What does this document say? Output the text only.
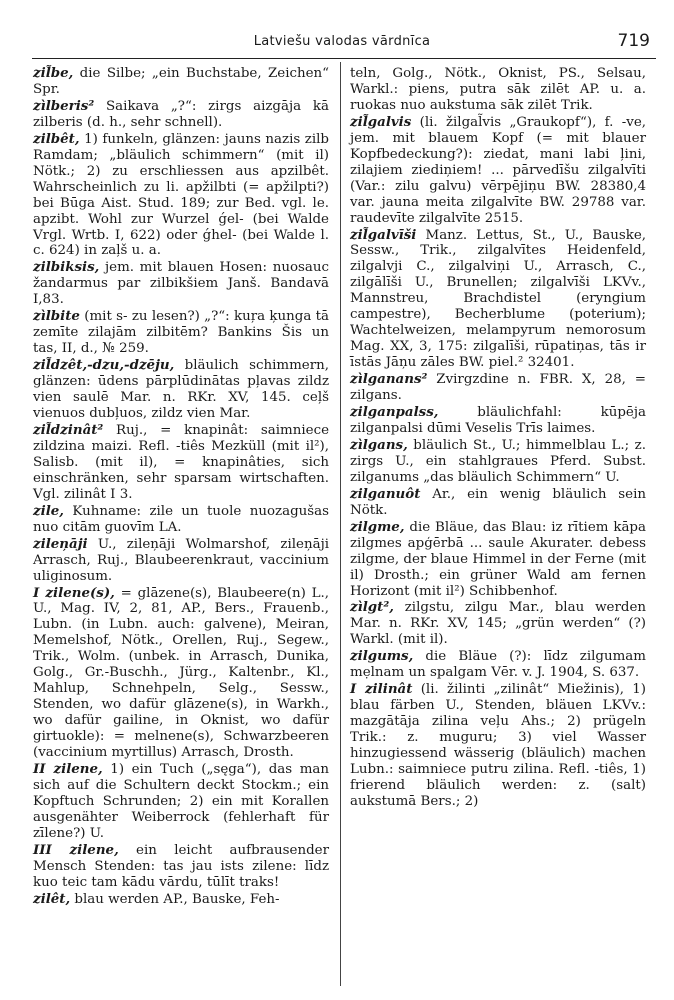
Latviešu valodas vārdnīca	719

zil̃be, die Silbe; „ein Buchstabe, Zeichen“ Spr.

zìlberis² Saikava „?“: zirgs aizgāja kā zilberis (d. h., sehr schnell).

zilbêt, 1) funkeln, glänzen: jauns nazis zilb Ramdam; „bläulich schimmern“ (mit il) Nötk.; 2) zu erschliessen aus apzilbêt. Wahrscheinlich zu li. apžilbti (= apžilpti?) bei Būga Aist. Stud. 189; zur Bed. vgl. le. apzibt. Wohl zur Wurzel ǵel- (bei Walde Vrgl. Wrtb. I, 622) oder ǵhel- (bei Walde l. c. 624) in zaļš u. a.

zilbiksis, jem. mit blauen Hosen: nuosauc žandarmus par zilbikšiem Janš. Bandavā I,83.

zìlbite (mit s- zu lesen?) „?“: kuŗa ķunga tā zemīte zilajām zilbitēm? Bankins Šis un tas, II, d., № 259.

zil̃dzêt,-dzu,-dzēju, bläulich schimmern, glänzen: ūdens pārplūdinātas pļavas zildz vien saulē Mar. n. RKr. XV, 145. ceļš vienuos dubļuos, zildz vien Mar.

zil̃dzinât² Ruj., = knapinât: saimniece zildzina maizi. Refl. -tiês Mezküll (mit il²), Salisb. (mit il), = knapinâties, sich einschränken, sehr sparsam wirtschaften. Vgl. zilinât I 3.

zile, Kuhname: zile un tuole nuozagušas nuo citām guovīm LA.

zileņāji U., zileņāji Wolmarshof, zileņāji Arrasch, Ruj., Blaubeerenkraut, vaccinium uliginosum.

I zilene(s), = glāzene(s), Blaubeere(n) L., U., Mag. IV, 2, 81, AP., Bers., Frauenb., Lubn. (in Lubn. auch: galvene), Meiran, Memelshof, Nötk., Orellen, Ruj., Segew., Trik., Wolm. (unbek. in Arrasch, Dunika, Golg., Gr.-Buschh., Jürg., Kaltenbr., Kl., Mahlup, Schnehpeln, Selg., Sessw., Stenden, wo dafür glāzene(s), in Warkh., wo dafür gailine, in Oknist, wo dafür girtuokle): = melnene(s), Schwarzbeeren (vaccinium myrtillus) Arrasch, Drosth.

II zilene, 1) ein Tuch („sęga“), das man sich auf die Schultern deckt Stockm.; ein Kopftuch Schrunden; 2) ein mit Korallen ausgenähter Weiberrock (fehlerhaft für zīlene?) U.

III zilene, ein leicht aufbrausender Mensch Stenden: tas jau ists zilene: līdz kuo teic tam kādu vārdu, tūlīt traks!

zilêt, blau werden AP., Bauske, Feh-

teln, Golg., Nötk., Oknist, PS., Selsau, Warkl.: piens, putra sāk zilēt AP. u. a. ruokas nuo aukstuma sāk zilēt Trik.

zil̃galvis (li. žilgal̃vis „Graukopf“), f. -ve, jem. mit blauem Kopf (= mit blauer Kopfbedeckung?): ziedat, mani labi ļini, zilajiem ziediņiem! ... pārvedīšu zilgalvīti (Var.: zilu galvu) vērpējiņu BW. 28380,4 var. jauna meita zilgalvīte BW. 29788 var. raudevīte zilgalvīte 2515.

zil̃galvīši Manz. Lettus, St., U., Bauske, Sessw., Trik., zilgalvītes Heidenfeld, zilgalvji C., zilgalviņi U., Arrasch, C., zilgālīši U., Brunellen; zilgalvīši LKVv., Mannstreu, Brachdistel (eryngium campestre), Becherblume (poterium); Wachtelweizen, melampyrum nemorosum Mag. XX, 3, 175: zilgalīši, rūpatiņas, tās ir īstās Jāņu zāles BW. piel.² 32401.

zìlganans² Zvirgzdine n. FBR. X, 28, = zilgans.

zilganpalss, bläulichfahl: kūpēja zilganpalsi dūmi Veselis Trīs laimes.

zìlgans, bläulich St., U.; himmelblau L.; z. zirgs U., ein stahlgraues Pferd. Subst. zilganums „das bläulich Schimmern“ U.

zilganuôt Ar., ein wenig bläulich sein Nötk.

zilgme, die Bläue, das Blau: iz rītiem kāpa zilgmes apģērbā ... saule Akurater. debess zilgme, der blaue Himmel in der Ferne (mit il) Drosth.; ein grüner Wald am fernen Horizont (mit il²) Schibbenhof.

zìlgt², zilgstu, zilgu Mar., blau werden Mar. n. RKr. XV, 145; „grün werden“ (?) Warkl. (mit il).

zilgums, die Bläue (?): līdz zilgumam mẹlnam un spalgam Vēr. v. J. 1904, S. 637.

I zilinât (li. žilinti „zilinât“ Miežinis), 1) blau färben U., Stenden, bläuen LKVv.: mazgātāja zilina veļu Ahs.; 2) prügeln Trik.: z. muguru; 3) viel Wasser hinzugiessend wässerig (bläulich) machen Lubn.: saimniece putru zilina. Refl. -tiês, 1) frierend bläulich werden: z. (salt) aukstumā Bers.; 2)
